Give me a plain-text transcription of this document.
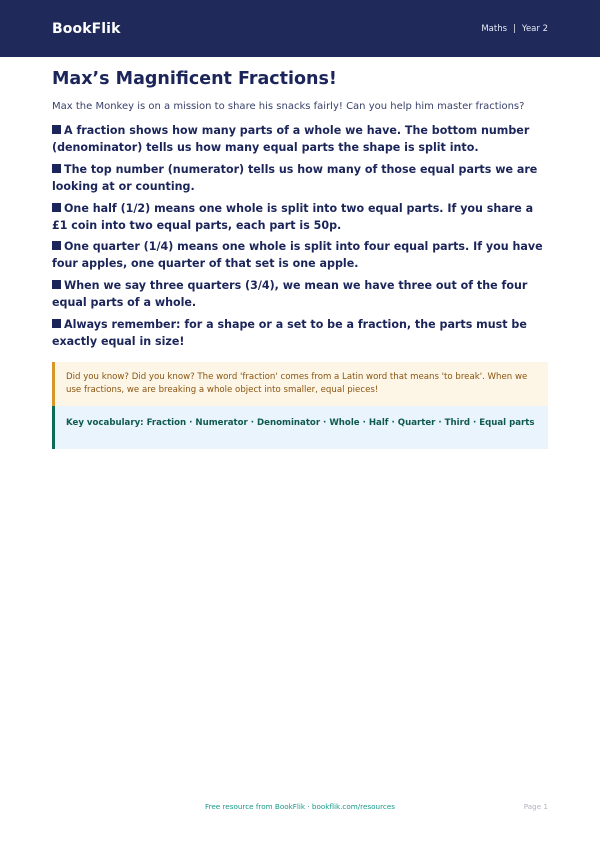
BookFlik	Maths | Year 2
Max’s Magnificent Fractions!

Max the Monkey is on a mission to share his snacks fairly! Can you help him master fractions?

A fraction shows how many parts of a whole we have. The bottom number (denominator) tells us how many equal parts the shape is split into.
The top number (numerator) tells us how many of those equal parts we are looking at or counting.
One half (1/2) means one whole is split into two equal parts. If you share a £1 coin into two equal parts, each part is 50p.
One quarter (1/4) means one whole is split into four equal parts. If you have four apples, one quarter of that set is one apple.
When we say three quarters (3/4), we mean we have three out of the four equal parts of a whole.
Always remember: for a shape or a set to be a fraction, the parts must be exactly equal in size!
Did you know? Did you know? The word 'fraction' comes from a Latin word that means 'to break'. When we use fractions, we are breaking a whole object into smaller, equal pieces!
Key vocabulary: Fraction · Numerator · Denominator · Whole · Half · Quarter · Third · Equal parts
Free resource from BookFlik · bookflik.com/resources	Page 1
